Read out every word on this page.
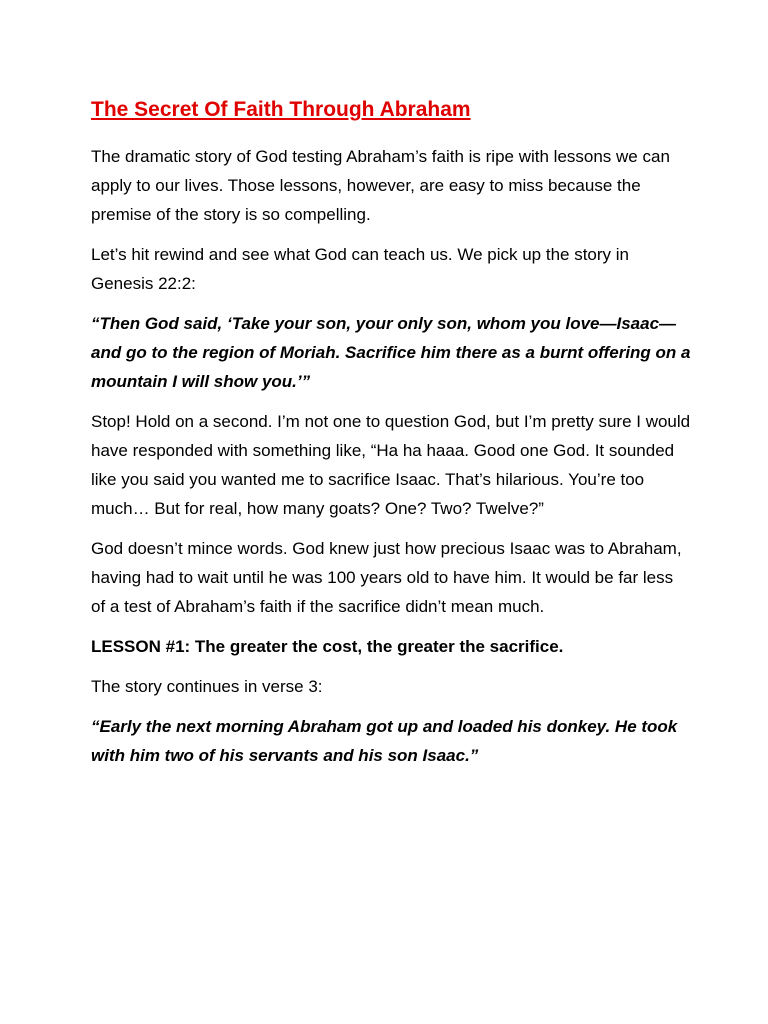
The Secret Of Faith Through Abraham

The dramatic story of God testing Abraham’s faith is ripe with lessons we can apply to our lives. Those lessons, however, are easy to miss because the premise of the story is so compelling.

Let’s hit rewind and see what God can teach us. We pick up the story in Genesis 22:2:

“Then God said, ‘Take your son, your only son, whom you love—Isaac—and go to the region of Moriah. Sacrifice him there as a burnt offering on a mountain I will show you.’”

Stop! Hold on a second. I’m not one to question God, but I’m pretty sure I would have responded with something like, “Ha ha haaa. Good one God. It sounded like you said you wanted me to sacrifice Isaac. That’s hilarious. You’re too much… But for real, how many goats? One? Two? Twelve?”

God doesn’t mince words. God knew just how precious Isaac was to Abraham, having had to wait until he was 100 years old to have him. It would be far less of a test of Abraham’s faith if the sacrifice didn’t mean much.

LESSON #1: The greater the cost, the greater the sacrifice.

The story continues in verse 3:

“Early the next morning Abraham got up and loaded his donkey. He took with him two of his servants and his son Isaac.”
